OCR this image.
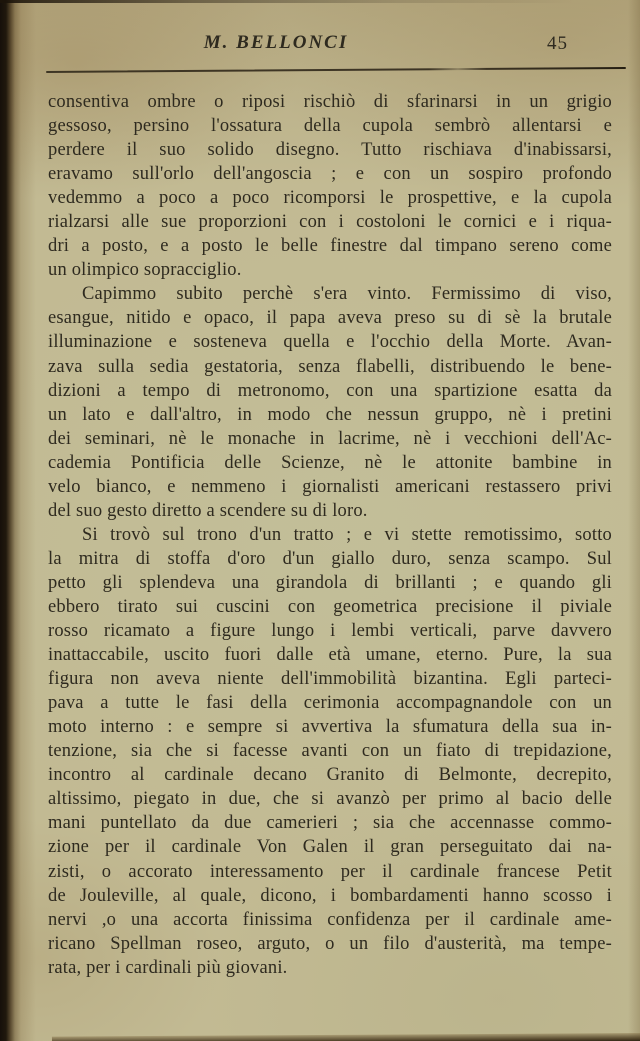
M. BELLONCI	45
consentiva ombre o riposi rischiò di sfarinarsi in un grigio
gessoso, persino l'ossatura della cupola sembrò allentarsi e
perdere il suo solido disegno. Tutto rischiava d'inabissarsi,
eravamo sull'orlo dell'angoscia ; e con un sospiro profondo
vedemmo a poco a poco ricomporsi le prospettive, e la cupola
rialzarsi alle sue proporzioni con i costoloni le cornici e i riqua-
dri a posto, e a posto le belle finestre dal timpano sereno come
un olimpico sopracciglio.
Capimmo subito perchè s'era vinto. Fermissimo di viso,
esangue, nitido e opaco, il papa aveva preso su di sè la brutale
illuminazione e sosteneva quella e l'occhio della Morte. Avan-
zava sulla sedia gestatoria, senza flabelli, distribuendo le bene-
dizioni a tempo di metronomo, con una spartizione esatta da
un lato e dall'altro, in modo che nessun gruppo, nè i pretini
dei seminari, nè le monache in lacrime, nè i vecchioni dell'Ac-
cademia Pontificia delle Scienze, nè le attonite bambine in
velo bianco, e nemmeno i giornalisti americani restassero privi
del suo gesto diretto a scendere su di loro.
Si trovò sul trono d'un tratto ; e vi stette remotissimo, sotto
la mitra di stoffa d'oro d'un giallo duro, senza scampo. Sul
petto gli splendeva una girandola di brillanti ; e quando gli
ebbero tirato sui cuscini con geometrica precisione il piviale
rosso ricamato a figure lungo i lembi verticali, parve davvero
inattaccabile, uscito fuori dalle età umane, eterno. Pure, la sua
figura non aveva niente dell'immobilità bizantina. Egli parteci-
pava a tutte le fasi della cerimonia accompagnandole con un
moto interno : e sempre si avvertiva la sfumatura della sua in-
tenzione, sia che si facesse avanti con un fiato di trepidazione,
incontro al cardinale decano Granito di Belmonte, decrepito,
altissimo, piegato in due, che si avanzò per primo al bacio delle
mani puntellato da due camerieri ; sia che accennasse commo-
zione per il cardinale Von Galen il gran perseguitato dai na-
zisti, o accorato interessamento per il cardinale francese Petit
de Jouleville, al quale, dicono, i bombardamenti hanno scosso i
nervi ,o una accorta finissima confidenza per il cardinale ame-
ricano Spellman roseo, arguto, o un filo d'austerità, ma tempe-
rata, per i cardinali più giovani.
